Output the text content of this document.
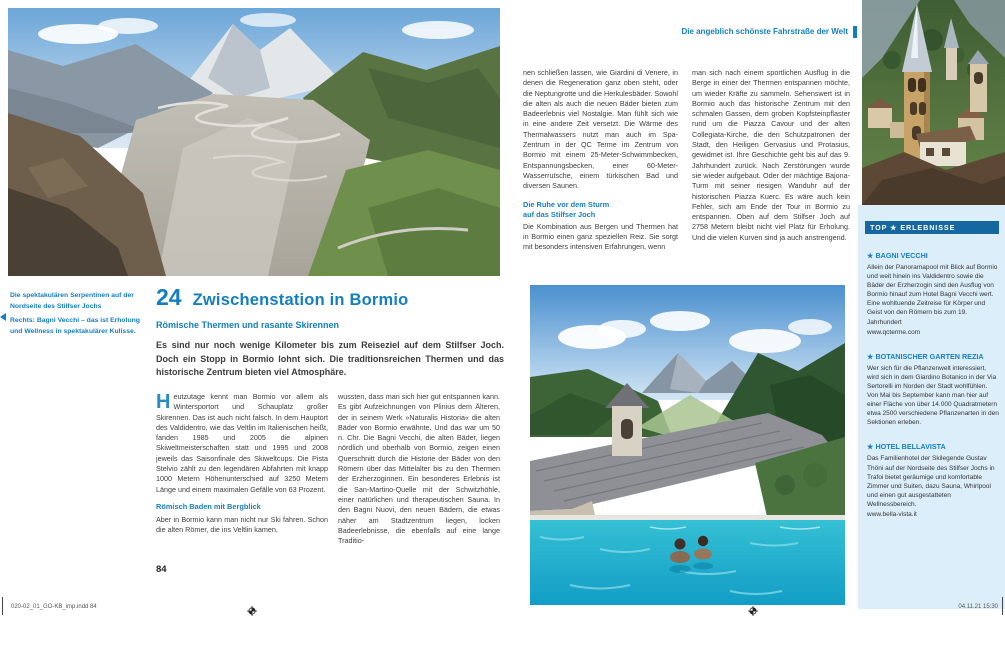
Die spektakulären Serpentinen auf der Nordseite des Stilfser Jochs

Rechts: Bagni Vecchi – das ist Erholung und Wellness in spektakulärer Kulisse.

24 Zwischenstation in Bormio
Römische Thermen und rasante Skirennen
Es sind nur noch wenige Kilometer bis zum Reiseziel auf dem Stilfser Joch. Doch ein Stopp in Bormio lohnt sich. Die traditionsreichen Thermen und das historische Zentrum bieten viel Atmosphäre.

Heutzutage kennt man Bormio vor allem als Wintersportort und Schauplatz großer Skirennen. Das ist auch nicht falsch. In dem Hauptort des Valdidentro, wie das Veltlin im Italienischen heißt, fanden 1985 und 2005 die alpinen Skiweltmeisterschaften statt und 1995 und 2008 jeweils das Saisonfinale des Skiweltcups. Die Pista Stelvio zählt zu den legendären Abfahrten mit knapp 1000 Metern Höhenunterschied auf 3250 Metern Länge und einem maximalen Gefälle von 63 Prozent.

Römisch Baden mit Bergblick

Aber in Bormio kann man nicht nur Ski fahren. Schon die alten Römer, die ins Veltlin kamen,

wussten, dass man sich hier gut entspannen kann. Es gibt Aufzeichnungen von Plinius dem Älteren, der in seinem Werk »Naturalis Historia« die alten Bäder von Bormio erwähnte. Und das war um 50 n. Chr. Die Bagni Vecchi, die alten Bäder, liegen nördlich und oberhalb von Bormio, zeigen einen Querschnitt durch die Historie der Bäder von den Römern über das Mittelalter bis zu den Thermen der Erzherzoginnen. Ein besonderes Erlebnis ist die San-Martino-Quelle mit der Schwitzhöhle, einer natürlichen und therapeutischen Sauna. In den Bagni Nuovi, den neuen Bädern, die etwas näher am Stadtzentrum liegen, locken Badeerlebnisse, die ebenfalls auf eine lange Traditio-

84
Die angeblich schönste Fahrstraße der Welt

nen schließen lassen, wie Giardini di Venere, in denen die Regeneration ganz oben steht, oder die Neptungrotte und die Herkulesbäder. Sowohl die alten als auch die neuen Bäder bieten zum Badeerlebnis viel Nostalgie. Man fühlt sich wie in eine andere Zeit versetzt. Die Wärme des Thermalwassers nutzt man auch im Spa-Zentrum in der QC Terme im Zentrum von Bormio mit einem 25-Meter-Schwimmbecken, Entspannungsbecken, einer 60-Meter-Wasserrutsche, einem türkischen Bad und diversen Saunen.

Die Ruhe vor dem Sturm
auf das Stilfser Joch

Die Kombination aus Bergen und Thermen hat in Bormio einen ganz speziellen Reiz. Sie sorgt mit besonders intensiven Erfahrungen, wenn

man sich nach einem sportlichen Ausflug in die Berge in einer der Thermen entspannen möchte, um wieder Kräfte zu sammeln. Sehenswert ist in Bormio auch das historische Zentrum mit den schmalen Gassen, dem groben Kopfsteinpflaster rund um die Piazza Cavour und der alten Collegiata-Kirche, die den Schutzpatronen der Stadt, den Heiligen Gervasius und Protasius, gewidmet ist. Ihre Geschichte geht bis auf das 9. Jahrhundert zurück. Nach Zerstörungen wurde sie wieder aufgebaut. Oder der mächtige Bajona-Turm mit seiner riesigen Wanduhr auf der historischen Piazza Kuerc. Es wäre auch kein Fehler, sich am Ende der Tour in Bormio zu entspannen. Oben auf dem Stilfser Joch auf 2758 Metern bleibt nicht viel Platz für Erholung. Und die vielen Kurven sind ja auch anstrengend.

TOP ★ ERLEBNISSE
★ BAGNI VECCHI
Allein der Panoramapool mit Blick auf Bormio und weit hinein ins Valdidentro sowie die Bäder der Erzherzogin sind den Ausflug von Bormio hinauf zum Hotel Bagni Vecchi wert. Eine wohltuende Zeitreise für Körper und Geist von den Römern bis zum 19. Jahrhundert
www.qcterme.com
★ BOTANISCHER GARTEN REZIA
Wer sich für die Pflanzenwelt interessiert, wird sich in dem Giardino Botanico in der Via Sertorelli im Norden der Stadt wohlfühlen. Von Mai bis September kann man hier auf einer Fläche von über 14.000 Quadratmetern etwa 2500 verschiedene Pflanzenarten in den Sektionen erleben.
★ HOTEL BELLAVISTA
Das Familienhotel der Skilegende Gustav Thöni auf der Nordseite des Stilfser Jochs in Trafoi bietet geräumige und komfortable Zimmer und Suiten, dazu Sauna, Whirlpool und einen gut ausgestatteten Wellnessbereich.
www.bella-vista.it
020-02_01_GO-KB_imp.indd 84	04.11.21 15:30
